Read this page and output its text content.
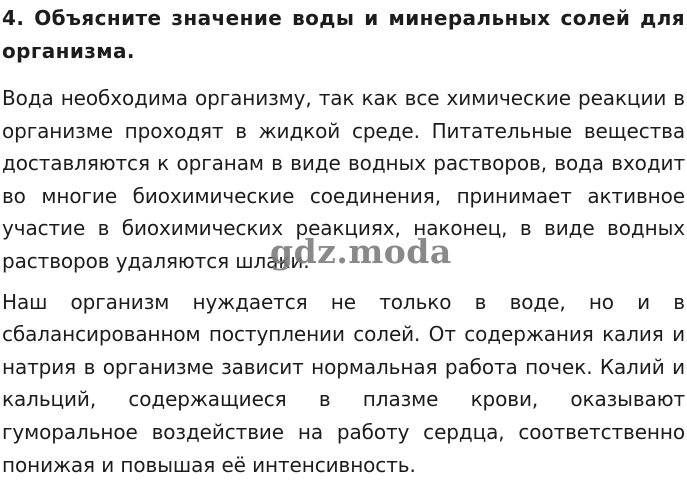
4. Объясните значение воды и минеральных солей для организма.

Вода необходима организму, так как все химические реакции в организме проходят в жидкой среде. Питательные вещества доставляются к органам в виде водных растворов, вода входит во многие биохимические соединения, принимает активное участие в биохимических реакциях, наконец, в виде водных растворов удаляются шлаки.

Наш организм нуждается не только в воде, но и в сбалансированном поступлении солей. От содержания калия и натрия в организме зависит нормальная работа почек. Калий и кальций, содержащиеся в плазме крови, оказывают гуморальное воздействие на работу сердца, соответственно понижая и повышая её интенсивность.

gdz.moda
